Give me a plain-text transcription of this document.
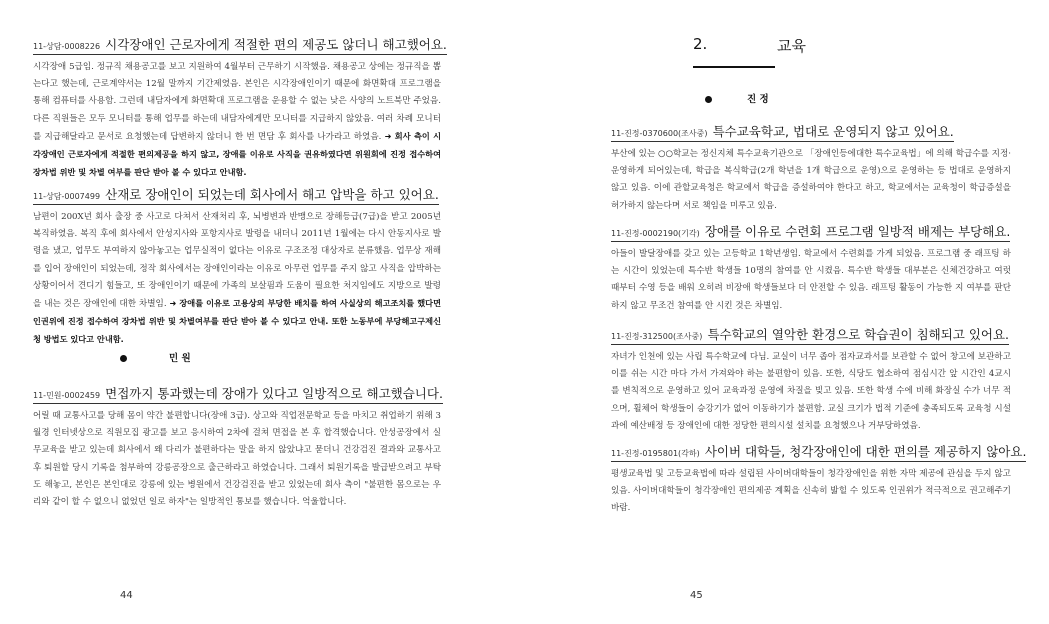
11-상담-0008226 시각장애인 근로자에게 적절한 편의 제공도 않더니 해고했어요.
시각장애 5급임. 정규직 채용공고를 보고 지원하여 4월부터 근무하기 시작했음. 채용공고 상에는 정규직을 뽑는다고 했는데, 근로계약서는 12월 말까지 기간제였음. 본인은 시각장애인이기 때문에 화면확대 프로그램을 통해 컴퓨터를 사용함. 그런데 내담자에게 화면확대 프로그램을 운용할 수 없는 낮은 사양의 노트북만 주었음. 다른 직원들은 모두 모니터를 통해 업무를 하는데 내담자에게만 모니터를 지급하지 않았음. 여러 차례 모니터를 지급해달라고 문서로 요청했는데 답변하지 않더니 한 번 면담 후 회사를 나가라고 하였음. ➜ 회사 측이 시각장애인 근로자에게 적절한 편의제공을 하지 않고, 장애를 이유로 사직을 권유하였다면 위원회에 진정 접수하여 장차법 위반 및 차별 여부를 판단 받아 볼 수 있다고 안내함.
11-상담-0007499 산재로 장애인이 되었는데 회사에서 해고 압박을 하고 있어요.
남편이 200X년 회사 출장 중 사고로 다쳐서 산재처리 후, 뇌병변과 반맹으로 장해등급(7급)을 받고 2005년 복직하였음. 복직 후에 회사에서 안성지사와 포항지사로 발령을 내더니 2011년 1월에는 다시 안동지사로 발령을 냈고, 업무도 부여하지 않아놓고는 업무실적이 없다는 이유로 구조조정 대상자로 분류했음. 업무상 재해를 입어 장애인이 되었는데, 정작 회사에서는 장애인이라는 이유로 아무런 업무를 주지 않고 사직을 압박하는 상황이어서 견디기 힘들고, 또 장애인이기 때문에 가족의 보살핌과 도움이 필요한 처지임에도 지방으로 발령을 내는 것은 장애인에 대한 차별임. ➜ 장애를 이유로 고용상의 부당한 배치를 하여 사실상의 해고조치를 했다면 인권위에 진정 접수하여 장차법 위반 및 차별여부를 판단 받아 볼 수 있다고 안내. 또한 노동부에 부당해고구제신청 방법도 있다고 안내함.
민 원
11-민원-0002459 면접까지 통과했는데 장애가 있다고 일방적으로 해고했습니다.
어릴 때 교통사고를 당해 몸이 약간 불편합니다(장애 3급). 상고와 직업전문학교 등을 마치고 취업하기 위해 3월경 인터넷상으로 직원모집 광고를 보고 응시하여 2차에 걸쳐 면접을 본 후 합격했습니다. 안성공장에서 실무교육을 받고 있는데 회사에서 왜 다리가 불편하다는 말을 하지 않았냐고 묻더니 건강검진 결과와 교통사고 후 퇴원할 당시 기록을 첨부하여 강릉공장으로 출근하라고 하였습니다. 그래서 퇴원기록을 발급받으려고 부탁도 해놓고, 본인은 본인대로 강릉에 있는 병원에서 건강검진을 받고 있었는데 회사 측이 "불편한 몸으로는 우리와 같이 할 수 없으니 없었던 일로 하자"는 일방적인 통보를 했습니다. 억울합니다.
44
2.	교육
진 정
11-진정-0370600(조사중) 특수교육학교, 법대로 운영되지 않고 있어요.
부산에 있는 ○○학교는 정신지체 특수교육기관으로 「장애인등에대한 특수교육법」에 의해 학급수를 지정·운영하게 되어있는데, 학급을 복식학급(2개 학년을 1개 학급으로 운영)으로 운영하는 등 법대로 운영하지 않고 있음. 이에 관할교육청은 학교에서 학급을 증설하여야 한다고 하고, 학교에서는 교육청이 학급증설을 허가하지 않는다며 서로 책임을 미루고 있음.
11-진정-0002190(기각) 장애를 이유로 수련회 프로그램 일방적 배제는 부당해요.
아들이 발달장애를 갖고 있는 고등학교 1학년생임. 학교에서 수련회를 가게 되었음. 프로그램 중 래프팅 하는 시간이 있었는데 특수반 학생들 10명의 참여를 안 시켰음. 특수반 학생들 대부분은 신체건강하고 여럿 때부터 수영 등을 배워 오히려 비장애 학생들보다 더 안전할 수 있음. 래프팅 활동이 가능한 지 여부를 판단하지 않고 무조건 참여를 안 시킨 것은 차별임.
11-진정-312500(조사중) 특수학교의 열악한 환경으로 학습권이 침해되고 있어요.
자녀가 인천에 있는 사립 특수학교에 다님. 교실이 너무 좁아 점자교과서를 보관할 수 없어 창고에 보관하고 이를 쉬는 시간 마다 가서 가져와야 하는 불편함이 있음. 또한, 식당도 협소하여 점심시간 앞 시간인 4교시를 변칙적으로 운영하고 있어 교육과정 운영에 차질을 빚고 있음. 또한 학생 수에 비해 화장실 수가 너무 적으며, 휠체어 학생들이 승강기가 없어 이동하기가 불편함. 교실 크기가 법적 기준에 충족되도록 교육청 시설과에 예산배정 등 장애인에 대한 정당한 편의시설 설치를 요청했으나 거부당하였음.
11-진정-0195801(각하) 사이버 대학들, 청각장애인에 대한 편의를 제공하지 않아요.
평생교육법 및 고등교육법에 따라 설립된 사이버대학들이 청각장애인을 위한 자막 제공에 관심을 두지 않고 있음. 사이버대학들이 청각장애인 편의제공 계획을 신속히 밟힐 수 있도록 인권위가 적극적으로 권고해주기 바람.
45
